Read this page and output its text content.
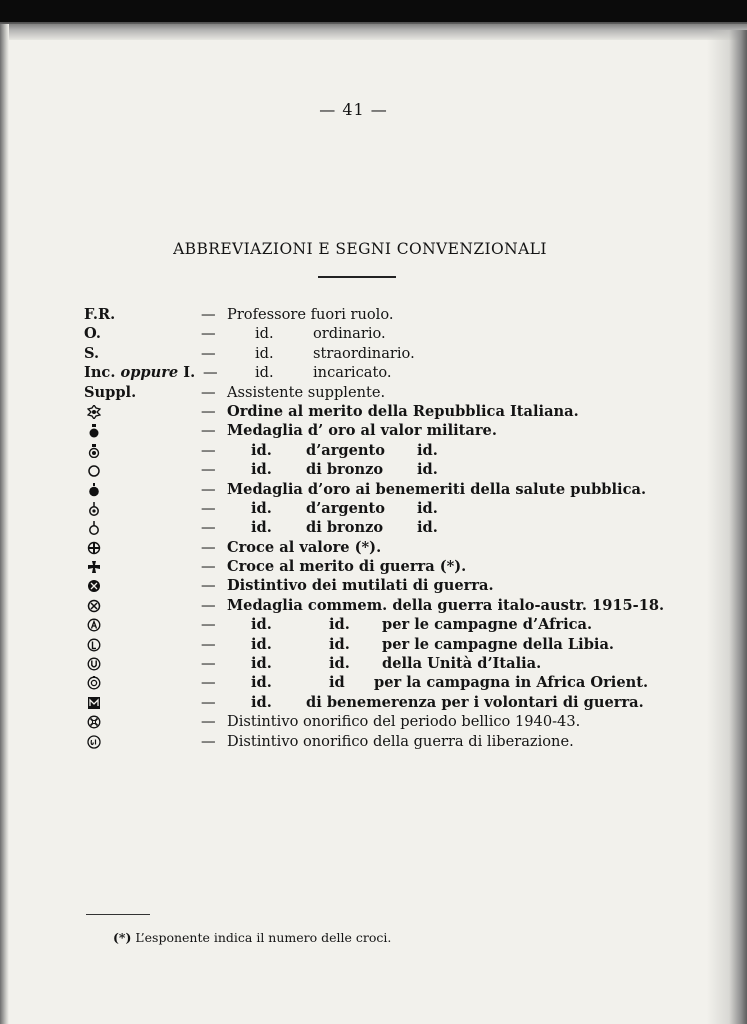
— 41 —
ABBREVIAZIONI E SEGNI CONVENZIONALI
F.R.	— Professore fuori ruolo.
O.	—	id.	ordinario.
S.	—	id.	straordinario.
Inc. oppure I. —	id.	incaricato.
Suppl.	— Assistente supplente.
— Ordine al merito della Repubblica Italiana.
— Medaglia d’ oro al valor militare.
— id. d’argento id.
— id. di bronzo id.
— Medaglia d’oro ai benemeriti della salute pubblica.
— id. d’argento id.
— id. di bronzo id.
— Croce al valore (*).
— Croce al merito di guerra (*).
— Distintivo dei mutilati di guerra.
— Medaglia commem. della guerra italo-austr. 1915-18.
— id.	id. per le campagne d’Africa.
— id.	id. per le campagne della Libia.
— id.	id. della Unità d’Italia.
— id.	id per la campagna in Africa Orient.
— id. di benemerenza per i volontari di guerra.
— Distintivo onorifico del periodo bellico 1940-43.
— Distintivo onorifico della guerra di liberazione.
(*) L’esponente indica il numero delle croci.
